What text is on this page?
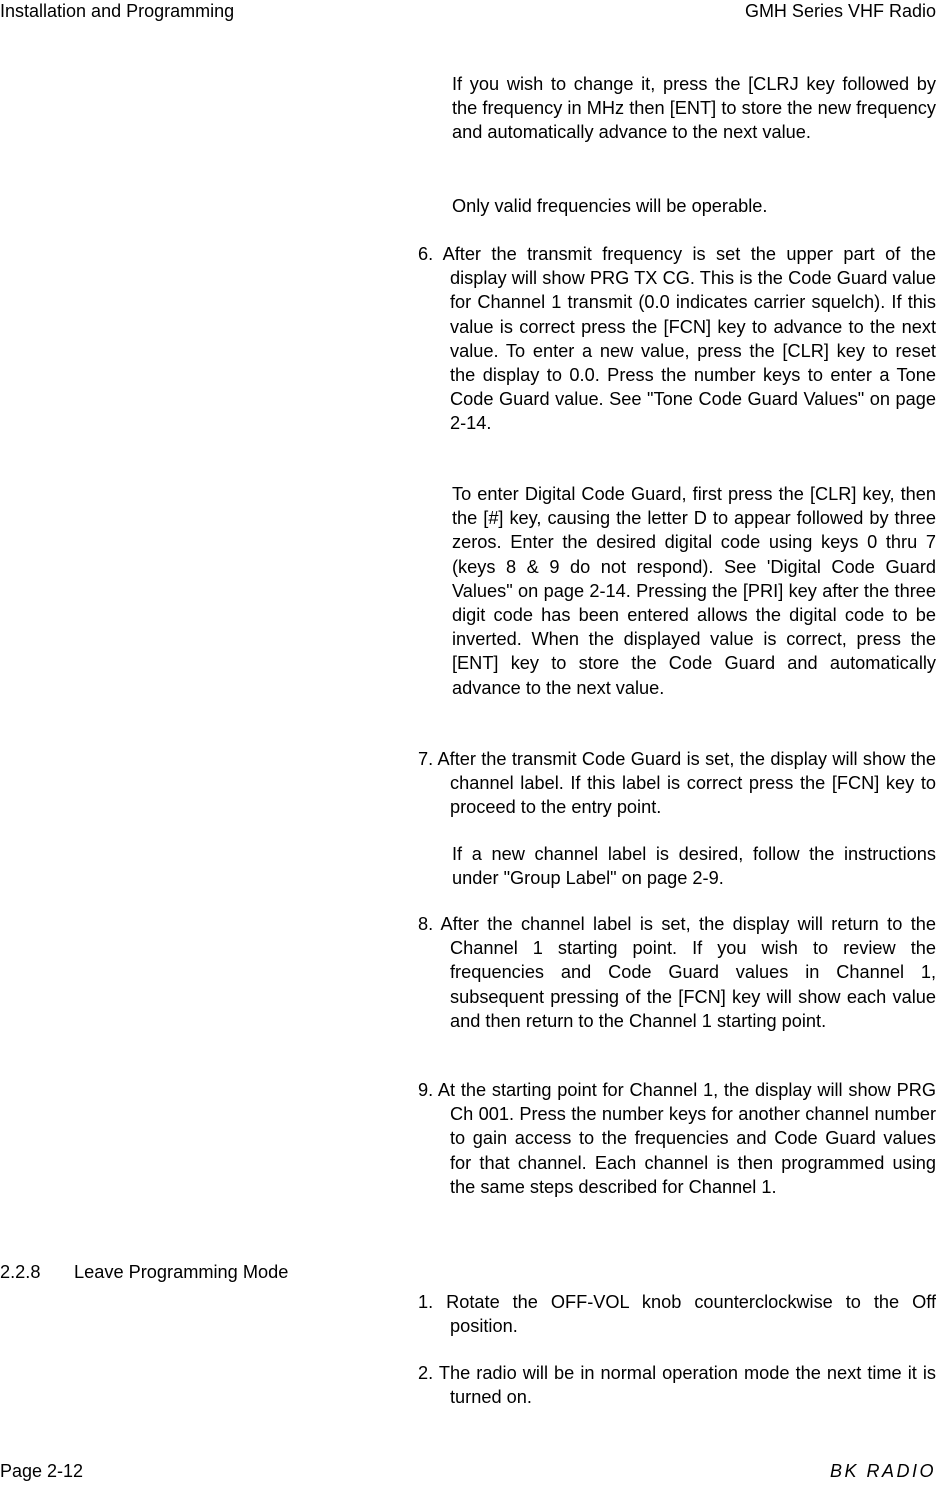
Installation and Programming	GMH Series VHF Radio

If you wish to change it, press the [CLRJ key followed by the frequency in MHz then [ENT] to store the new frequency and automatically advance to the next value.

Only valid frequencies will be operable.

6. After the transmit frequency is set the upper part of the display will show PRG TX CG. This is the Code Guard value for Channel 1 transmit (0.0 indicates carrier squelch). If this value is correct press the [FCN] key to advance to the next value. To enter a new value, press the [CLR] key to reset the display to 0.0. Press the number keys to enter a Tone Code Guard value. See "Tone Code Guard Values" on page 2-14.

To enter Digital Code Guard, first press the [CLR] key, then the [#] key, causing the letter D to appear followed by three zeros. Enter the desired digital code using keys 0 thru 7 (keys 8 & 9 do not respond). See 'Digital Code Guard Values" on page 2-14. Pressing the [PRI] key after the three digit code has been entered allows the digital code to be inverted. When the displayed value is correct, press the [ENT] key to store the Code Guard and automatically advance to the next value.

7. After the transmit Code Guard is set, the display will show the channel label. If this label is correct press the [FCN] key to proceed to the entry point.

If a new channel label is desired, follow the instructions under "Group Label" on page 2-9.

8. After the channel label is set, the display will return to the Channel 1 starting point. If you wish to review the frequencies and Code Guard values in Channel 1, subsequent pressing of the [FCN] key will show each value and then return to the Channel 1 starting point.

9. At the starting point for Channel 1, the display will show PRG Ch 001. Press the number keys for another channel number to gain access to the frequencies and Code Guard values for that channel. Each channel is then programmed using the same steps described for Channel 1.

2.2.8 Leave Programming Mode

1. Rotate the OFF-VOL knob counterclockwise to the Off position.

2. The radio will be in normal operation mode the next time it is turned on.

Page 2-12	BK RADIO
